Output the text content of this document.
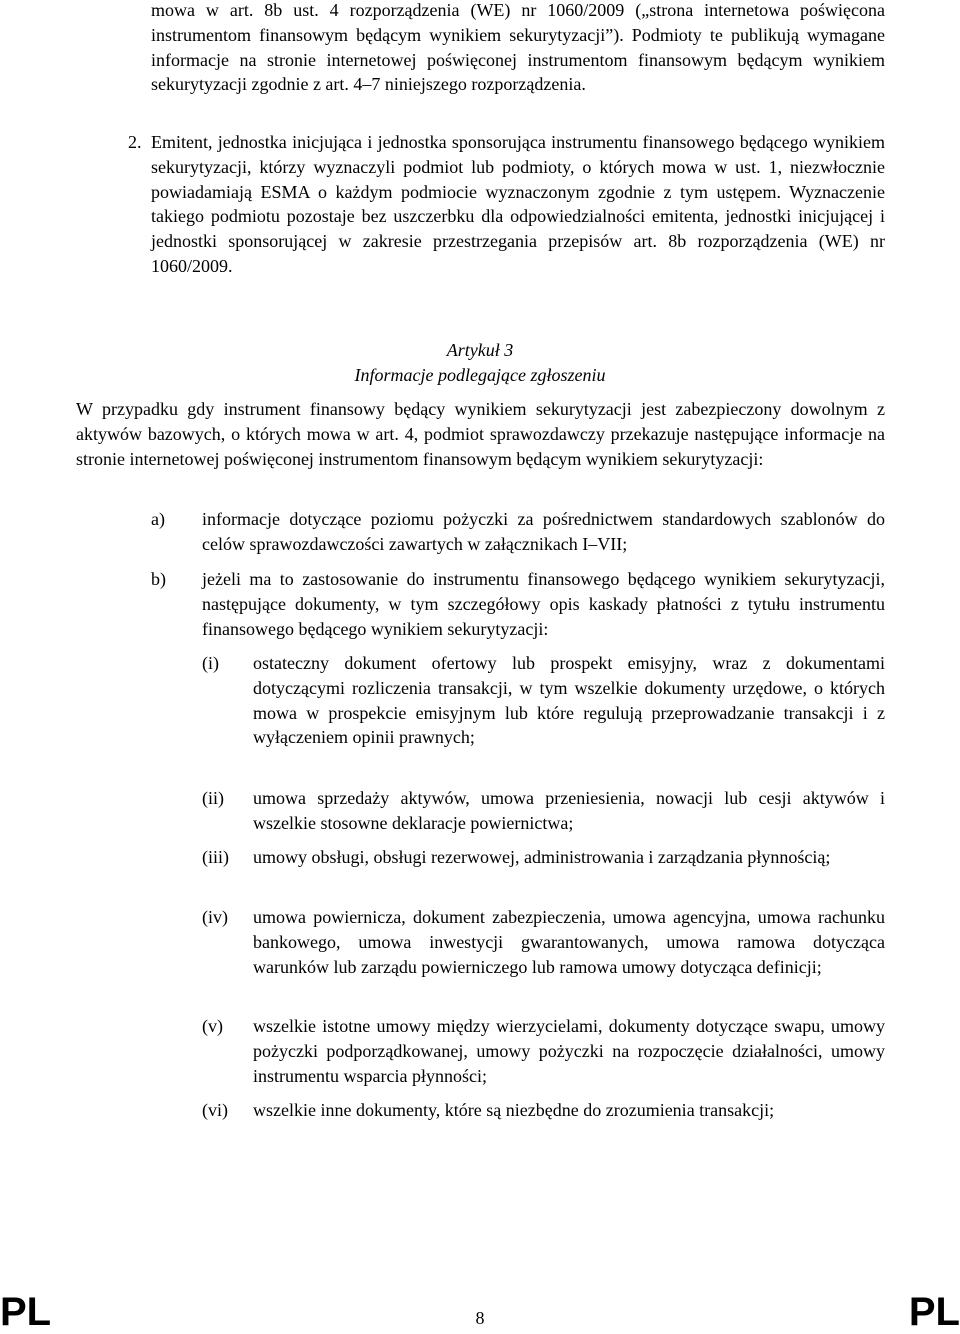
mowa w art. 8b ust. 4 rozporządzenia (WE) nr 1060/2009 („strona internetowa poświęcona instrumentom finansowym będącym wynikiem sekurytyzacji”). Podmioty te publikują wymagane informacje na stronie internetowej poświęconej instrumentom finansowym będącym wynikiem sekurytyzacji zgodnie z art. 4–7 niniejszego rozporządzenia.
2. Emitent, jednostka inicjująca i jednostka sponsorująca instrumentu finansowego będącego wynikiem sekurytyzacji, którzy wyznaczyli podmiot lub podmioty, o których mowa w ust. 1, niezwłocznie powiadamiają ESMA o każdym podmiocie wyznaczonym zgodnie z tym ustępem. Wyznaczenie takiego podmiotu pozostaje bez uszczerbku dla odpowiedzialności emitenta, jednostki inicjującej i jednostki sponsorującej w zakresie przestrzegania przepisów art. 8b rozporządzenia (WE) nr 1060/2009.
Artykuł 3
Informacje podlegające zgłoszeniu
W przypadku gdy instrument finansowy będący wynikiem sekurytyzacji jest zabezpieczony dowolnym z aktywów bazowych, o których mowa w art. 4, podmiot sprawozdawczy przekazuje następujące informacje na stronie internetowej poświęconej instrumentom finansowym będącym wynikiem sekurytyzacji:
a) informacje dotyczące poziomu pożyczki za pośrednictwem standardowych szablonów do celów sprawozdawczości zawartych w załącznikach I–VII;
b) jeżeli ma to zastosowanie do instrumentu finansowego będącego wynikiem sekurytyzacji, następujące dokumenty, w tym szczegółowy opis kaskady płatności z tytułu instrumentu finansowego będącego wynikiem sekurytyzacji:
(i) ostateczny dokument ofertowy lub prospekt emisyjny, wraz z dokumentami dotyczącymi rozliczenia transakcji, w tym wszelkie dokumenty urzędowe, o których mowa w prospekcie emisyjnym lub które regulują przeprowadzanie transakcji i z wyłączeniem opinii prawnych;
(ii) umowa sprzedaży aktywów, umowa przeniesienia, nowacji lub cesji aktywów i wszelkie stosowne deklaracje powiernictwa;
(iii) umowy obsługi, obsługi rezerwowej, administrowania i zarządzania płynnością;
(iv) umowa powiernicza, dokument zabezpieczenia, umowa agencyjna, umowa rachunku bankowego, umowa inwestycji gwarantowanych, umowa ramowa dotycząca warunków lub zarządu powierniczego lub ramowa umowy dotycząca definicji;
(v) wszelkie istotne umowy między wierzycielami, dokumenty dotyczące swapu, umowy pożyczki podporządkowanej, umowy pożyczki na rozpoczęcie działalności, umowy instrumentu wsparcia płynności;
(vi) wszelkie inne dokumenty, które są niezbędne do zrozumienia transakcji;
PL	8	PL
